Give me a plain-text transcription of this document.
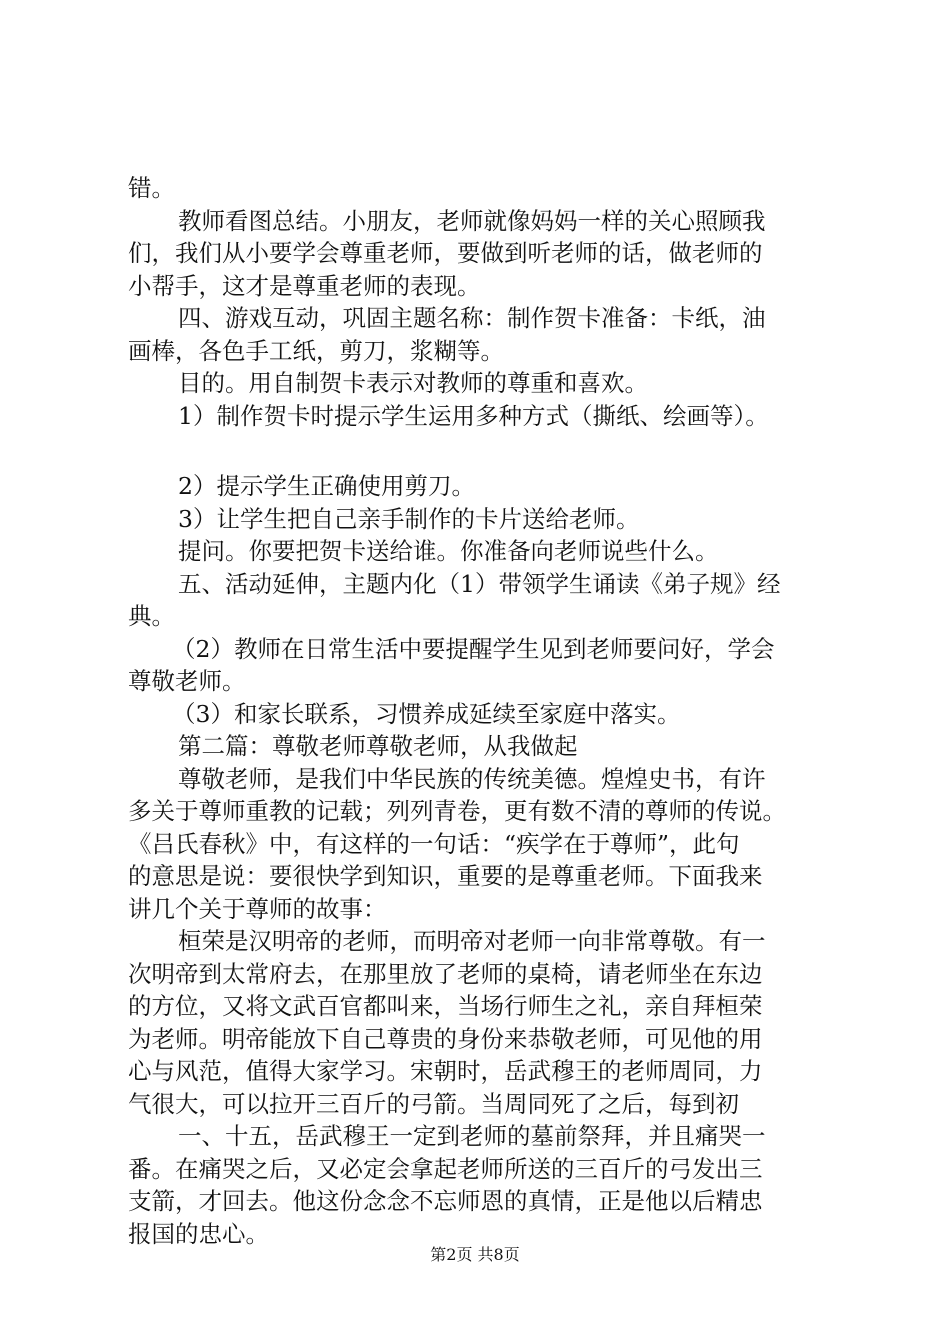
错。
教师看图总结。小朋友，老师就像妈妈一样的关心照顾我
们，我们从小要学会尊重老师，要做到听老师的话，做老师的
小帮手，这才是尊重老师的表现。
四、游戏互动，巩固主题名称：制作贺卡准备：卡纸，油
画棒，各色手工纸，剪刀，浆糊等。
目的。用自制贺卡表示对教师的尊重和喜欢。
1）制作贺卡时提示学生运用多种方式（撕纸、绘画等）。
2）提示学生正确使用剪刀。
3）让学生把自己亲手制作的卡片送给老师。
提问。你要把贺卡送给谁。你准备向老师说些什么。
五、活动延伸，主题内化（1）带领学生诵读《弟子规》经
典。
（2）教师在日常生活中要提醒学生见到老师要问好，学会
尊敬老师。
（3）和家长联系，习惯养成延续至家庭中落实。
第二篇：尊敬老师尊敬老师，从我做起
尊敬老师，是我们中华民族的传统美德。煌煌史书，有许
多关于尊师重教的记载；列列青卷，更有数不清的尊师的传说。
《吕氏春秋》中，有这样的一句话：“疾学在于尊师”，此句
的意思是说：要很快学到知识，重要的是尊重老师。下面我来
讲几个关于尊师的故事：
桓荣是汉明帝的老师，而明帝对老师一向非常尊敬。有一
次明帝到太常府去，在那里放了老师的桌椅，请老师坐在东边
的方位，又将文武百官都叫来，当场行师生之礼，亲自拜桓荣
为老师。明帝能放下自己尊贵的身份来恭敬老师，可见他的用
心与风范，值得大家学习。宋朝时，岳武穆王的老师周同，力
气很大，可以拉开三百斤的弓箭。当周同死了之后，每到初
一、十五，岳武穆王一定到老师的墓前祭拜，并且痛哭一
番。在痛哭之后，又必定会拿起老师所送的三百斤的弓发出三
支箭，才回去。他这份念念不忘师恩的真情，正是他以后精忠
报国的忠心。
第2页 共8页
